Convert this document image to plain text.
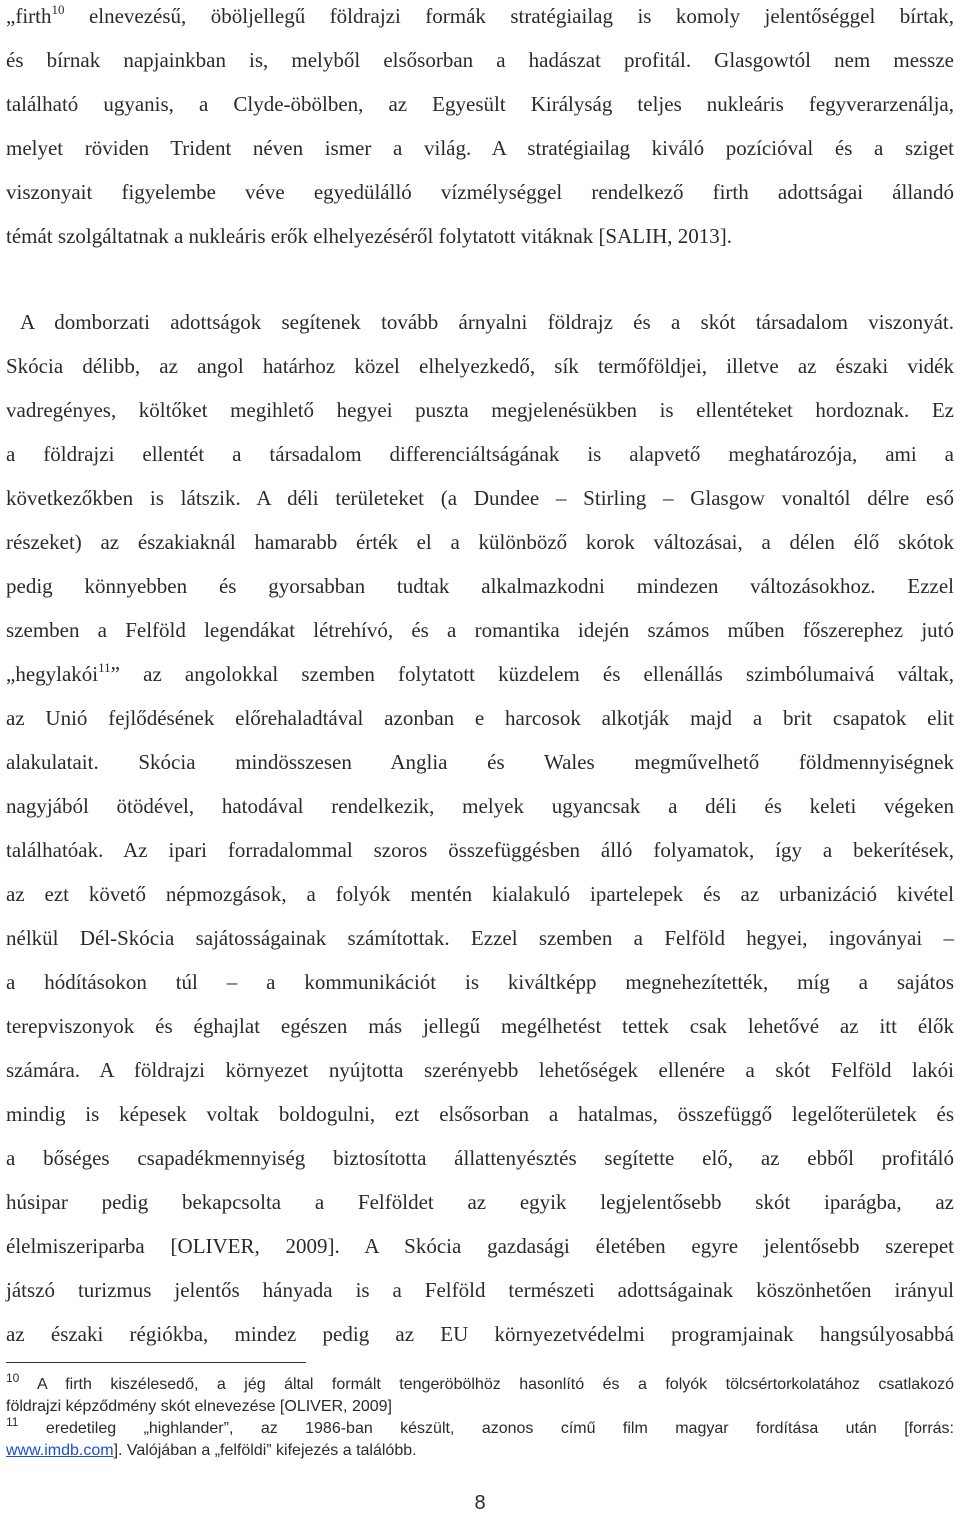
„firth$^{10}$ elnevezésű, öböljellegű földrajzi formák stratégiailag is komoly jelentőséggel bírtak,
és bírnak napjainkban is, melyből elsősorban a hadászat profitál. Glasgowtól nem messze
található ugyanis, a Clyde-öbölben, az Egyesült Királyság teljes nukleáris fegyverarzenálja,
melyet röviden Trident néven ismer a világ. A stratégiailag kiváló pozícióval és a sziget
viszonyait figyelembe véve egyedülálló vízmélységgel rendelkező firth adottságai állandó
témát szolgáltatnak a nukleáris erők elhelyezéséről folytatott vitáknak [SALIH, 2013].
A domborzati adottságok segítenek tovább árnyalni földrajz és a skót társadalom viszonyát.
Skócia délibb, az angol határhoz közel elhelyezkedő, sík termőföldjei, illetve az északi vidék
vadregényes, költőket megihlető hegyei puszta megjelenésükben is ellentéteket hordoznak. Ez
a földrajzi ellentét a társadalom differenciáltságának is alapvető meghatározója, ami a
következőkben is látszik. A déli területeket (a Dundee – Stirling – Glasgow vonaltól délre eső
részeket) az északiaknál hamarabb érték el a különböző korok változásai, a délen élő skótok
pedig könnyebben és gyorsabban tudtak alkalmazkodni mindezen változásokhoz. Ezzel
szemben a Felföld legendákat létrehívó, és a romantika idején számos műben főszerephez jutó
„hegylakói$^{11}$” az angolokkal szemben folytatott küzdelem és ellenállás szimbólumaivá váltak,
az Unió fejlődésének előrehaladtával azonban e harcosok alkotják majd a brit csapatok elit
alakulatait. Skócia mindösszesen Anglia és Wales megművelhető földmennyiségnek
nagyjából ötödével, hatodával rendelkezik, melyek ugyancsak a déli és keleti végeken
találhatóak. Az ipari forradalommal szoros összefüggésben álló folyamatok, így a bekerítések,
az ezt követő népmozgások, a folyók mentén kialakuló ipartelepek és az urbanizáció kivétel
nélkül Dél-Skócia sajátosságainak számítottak. Ezzel szemben a Felföld hegyei, ingoványai –
a hódításokon túl – a kommunikációt is kiváltképp megnehezítették, míg a sajátos
terepviszonyok és éghajlat egészen más jellegű megélhetést tettek csak lehetővé az itt élők
számára. A földrajzi környezet nyújtotta szerényebb lehetőségek ellenére a skót Felföld lakói
mindig is képesek voltak boldogulni, ezt elsősorban a hatalmas, összefüggő legelőterületek és
a bőséges csapadékmennyiség biztosította állattenyésztés segítette elő, az ebből profitáló
húsipar pedig bekapcsolta a Felföldet az egyik legjelentősebb skót iparágba, az
élelmiszeriparba [OLIVER, 2009]. A Skócia gazdasági életében egyre jelentősebb szerepet
játszó turizmus jelentős hányada is a Felföld természeti adottságainak köszönhetően irányul
az északi régiókba, mindez pedig az EU környezetvédelmi programjainak hangsúlyosabbá
$^{10}$ A firth kiszélesedő, a jég által formált tengeröbölhöz hasonlító és a folyók tölcsértorkolatához csatlakozó
földrajzi képződmény skót elnevezése [OLIVER, 2009]
$^{11}$ eredetileg „highlander”, az 1986-ban készült, azonos című film magyar fordítása után [forrás:
www.imdb.com]. Valójában a „felföldi” kifejezés a találóbb.
8
